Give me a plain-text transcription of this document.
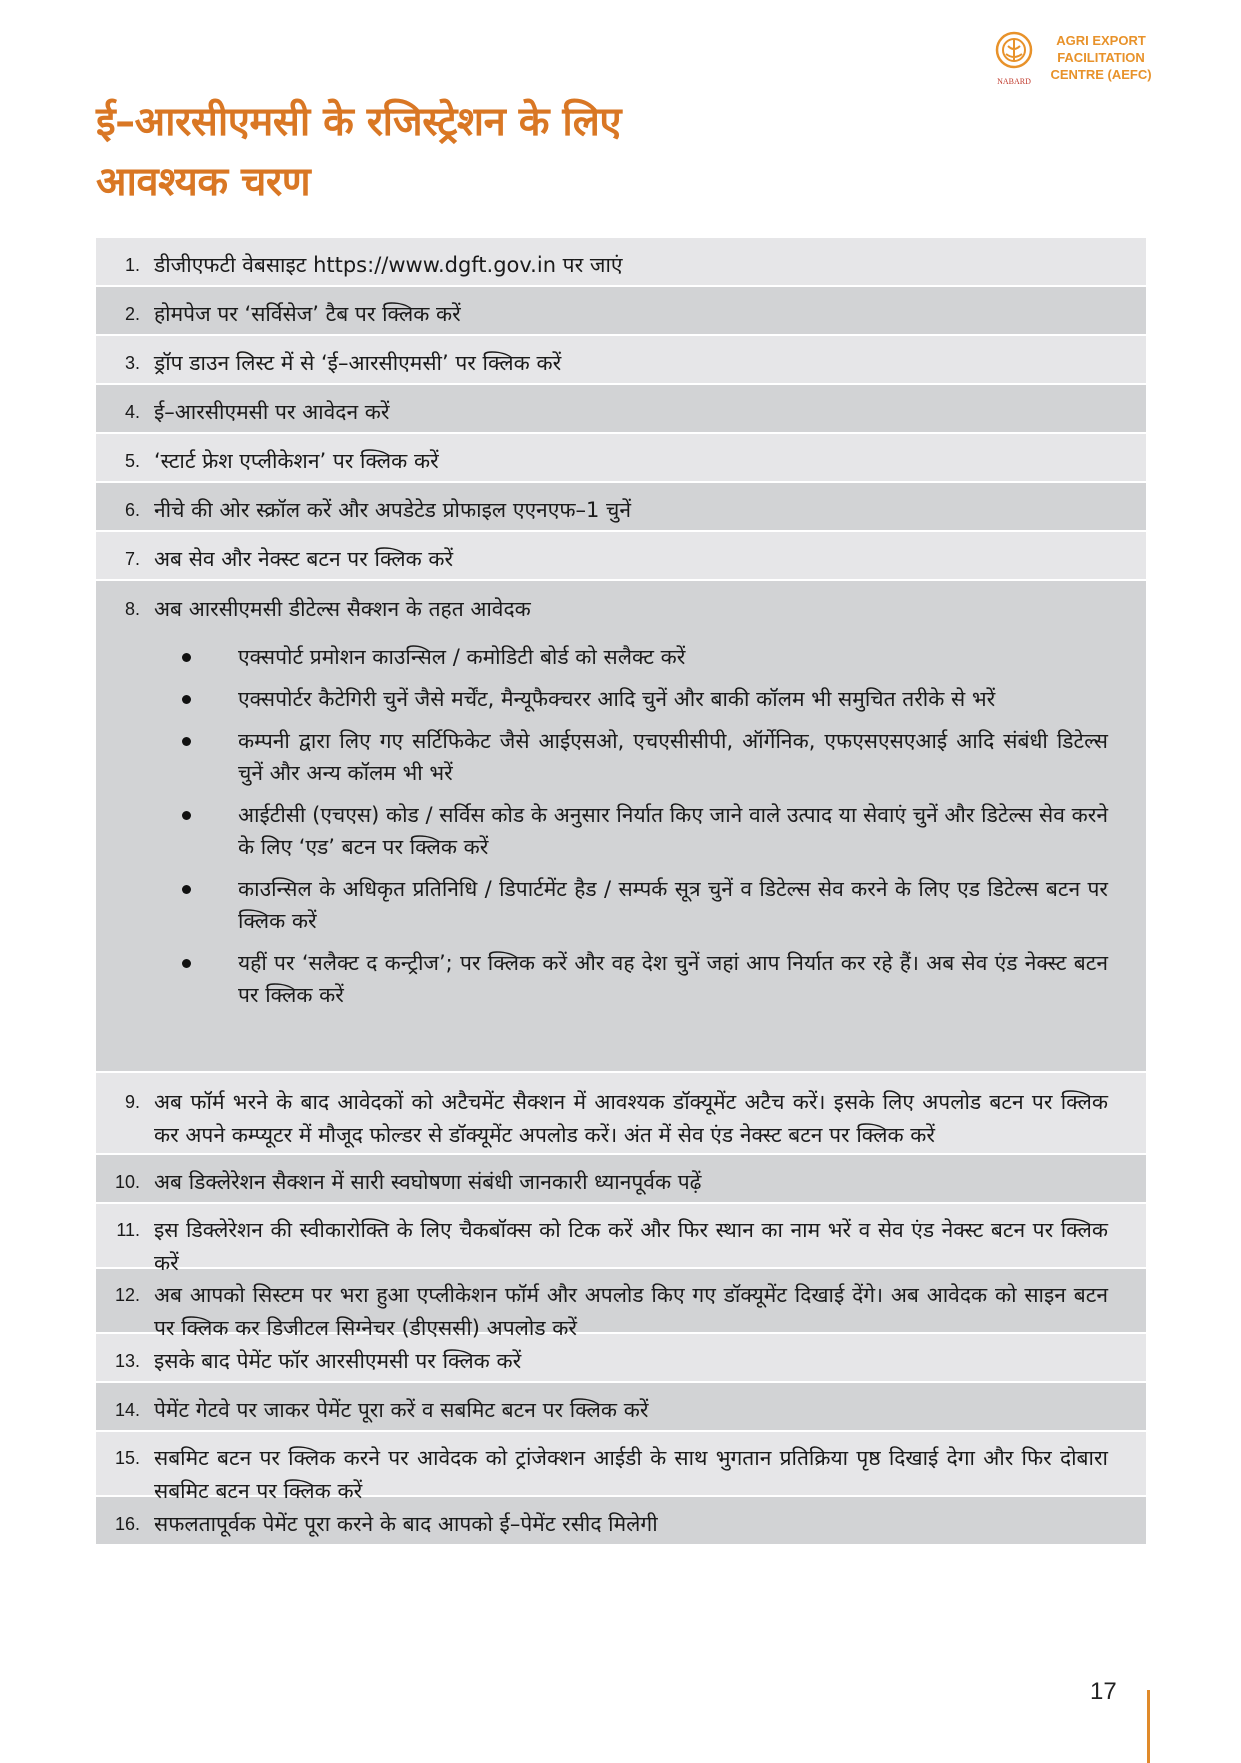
NABARD
AGRI EXPORT
FACILITATION
CENTRE (AEFC)
ई–आरसीएमसी के रजिस्ट्रेशन के लिए
आवश्यक चरण
1. डीजीएफटी वेबसाइट https://www.dgft.gov.in पर जाएं
2. होमपेज पर ‘सर्विसेज’ टैब पर क्लिक करें
3. ड्रॉप डाउन लिस्ट में से ‘ई–आरसीएमसी’ पर क्लिक करें
4. ई–आरसीएमसी पर आवेदन करें
5. ‘स्टार्ट फ्रेश एप्लीकेशन’ पर क्लिक करें
6. नीचे की ओर स्क्रॉल करें और अपडेटेड प्रोफाइल एएनएफ–1 चुनें
7. अब सेव और नेक्स्ट बटन पर क्लिक करें
8. अब आरसीएमसी डीटेल्स सैक्शन के तहत आवेदक
एक्सपोर्ट प्रमोशन काउन्सिल / कमोडिटी बोर्ड को सलैक्ट करें
एक्सपोर्टर कैटेगिरी चुनें जैसे मर्चेंट, मैन्यूफैक्चरर आदि चुनें और बाकी कॉलम भी समुचित तरीके से भरें
कम्पनी द्वारा लिए गए सर्टिफिकेट जैसे आईएसओ, एचएसीसीपी, ऑर्गेनिक, एफएसएसएआई आदि संबंधी डिटेल्स चुनें और अन्य कॉलम भी भरें
आईटीसी (एचएस) कोड / सर्विस कोड के अनुसार निर्यात किए जाने वाले उत्पाद या सेवाएं चुनें और डिटेल्स सेव करने के लिए ‘एड’ बटन पर क्लिक करें
काउन्सिल के अधिकृत प्रतिनिधि / डिपार्टमेंट हैड / सम्पर्क सूत्र चुनें व डिटेल्स सेव करने के लिए एड डिटेल्स बटन पर क्लिक करें
यहीं पर ‘सलैक्ट द कन्ट्रीज’; पर क्लिक करें और वह देश चुनें जहां आप निर्यात कर रहे हैं। अब सेव एंड नेक्स्ट बटन पर क्लिक करें
9. अब फॉर्म भरने के बाद आवेदकों को अटैचमेंट सैक्शन में आवश्यक डॉक्यूमेंट अटैच करें। इसके लिए अपलोड बटन पर क्लिक कर अपने कम्प्यूटर में मौजूद फोल्डर से डॉक्यूमेंट अपलोड करें। अंत में सेव एंड नेक्स्ट बटन पर क्लिक करें
10. अब डिक्लेरेशन सैक्शन में सारी स्वघोषणा संबंधी जानकारी ध्यानपूर्वक पढ़ें
11. इस डिक्लेरेशन की स्वीकारोक्ति के लिए चैकबॉक्स को टिक करें और फिर स्थान का नाम भरें व सेव एंड नेक्स्ट बटन पर क्लिक करें
12. अब आपको सिस्टम पर भरा हुआ एप्लीकेशन फॉर्म और अपलोड किए गए डॉक्यूमेंट दिखाई देंगे। अब आवेदक को साइन बटन पर क्लिक कर डिजीटल सिग्नेचर (डीएससी) अपलोड करें
13. इसके बाद पेमेंट फॉर आरसीएमसी पर क्लिक करें
14. पेमेंट गेटवे पर जाकर पेमेंट पूरा करें व सबमिट बटन पर क्लिक करें
15. सबमिट बटन पर क्लिक करने पर आवेदक को ट्रांजेक्शन आईडी के साथ भुगतान प्रतिक्रिया पृष्ठ दिखाई देगा और फिर दोबारा सबमिट बटन पर क्लिक करें
16. सफलतापूर्वक पेमेंट पूरा करने के बाद आपको ई–पेमेंट रसीद मिलेगी
17
